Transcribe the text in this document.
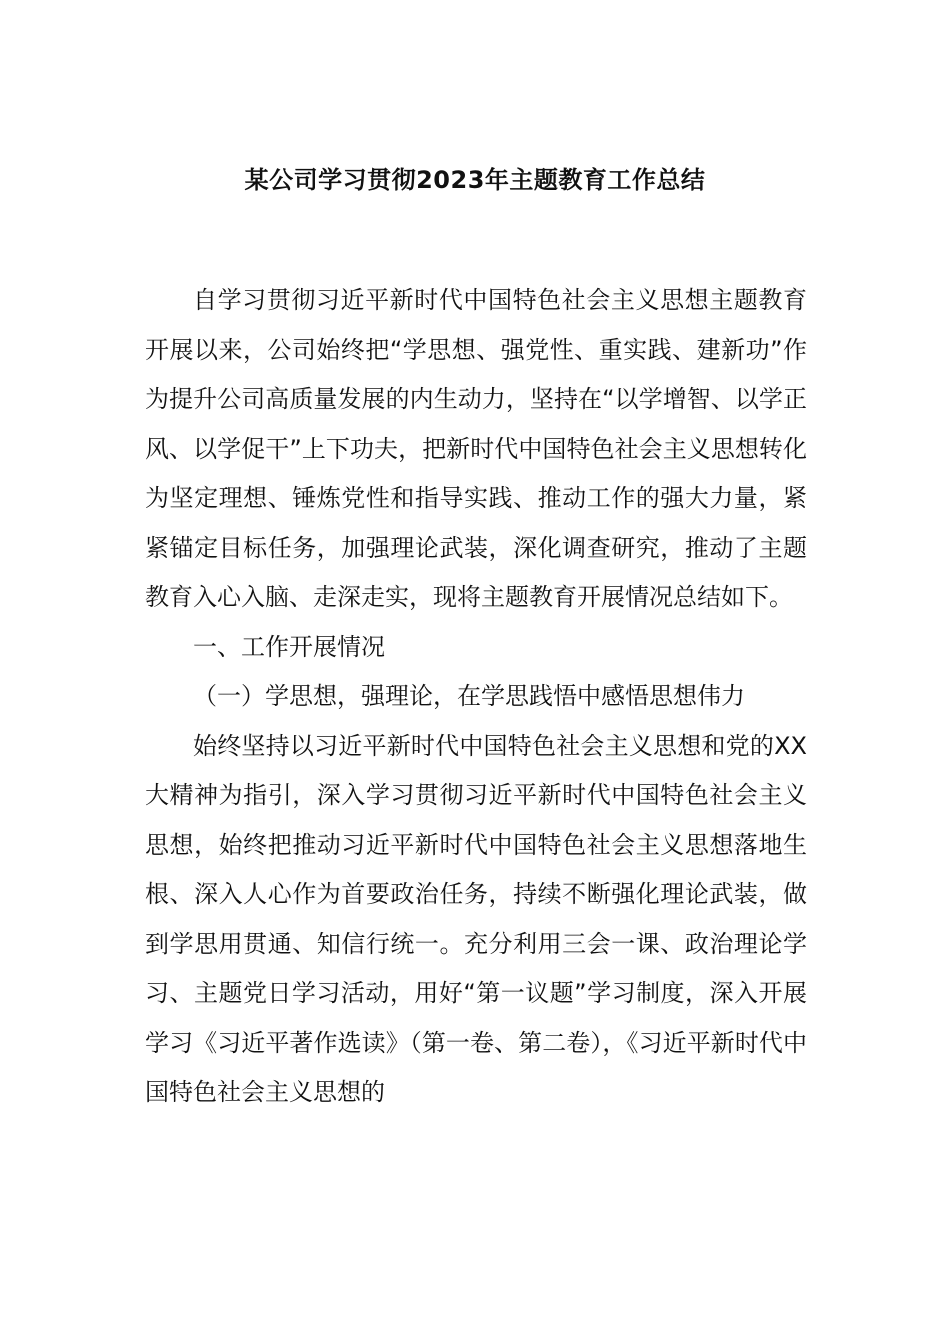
某公司学习贯彻2023年主题教育工作总结

自学习贯彻习近平新时代中国特色社会主义思想主题教育开展以来，公司始终把“学思想、强党性、重实践、建新功”作为提升公司高质量发展的内生动力，坚持在“以学增智、以学正风、以学促干”上下功夫，把新时代中国特色社会主义思想转化为坚定理想、锤炼党性和指导实践、推动工作的强大力量，紧紧锚定目标任务，加强理论武装，深化调查研究，推动了主题教育入心入脑、走深走实，现将主题教育开展情况总结如下。

一、工作开展情况

（一）学思想，强理论，在学思践悟中感悟思想伟力

始终坚持以习近平新时代中国特色社会主义思想和党的XX大精神为指引，深入学习贯彻习近平新时代中国特色社会主义思想，始终把推动习近平新时代中国特色社会主义思想落地生根、深入人心作为首要政治任务，持续不断强化理论武装，做到学思用贯通、知信行统一。充分利用三会一课、政治理论学习、主题党日学习活动，用好“第一议题”学习制度，深入开展学习《习近平著作选读》（第一卷、第二卷），《习近平新时代中国特色社会主义思想的
